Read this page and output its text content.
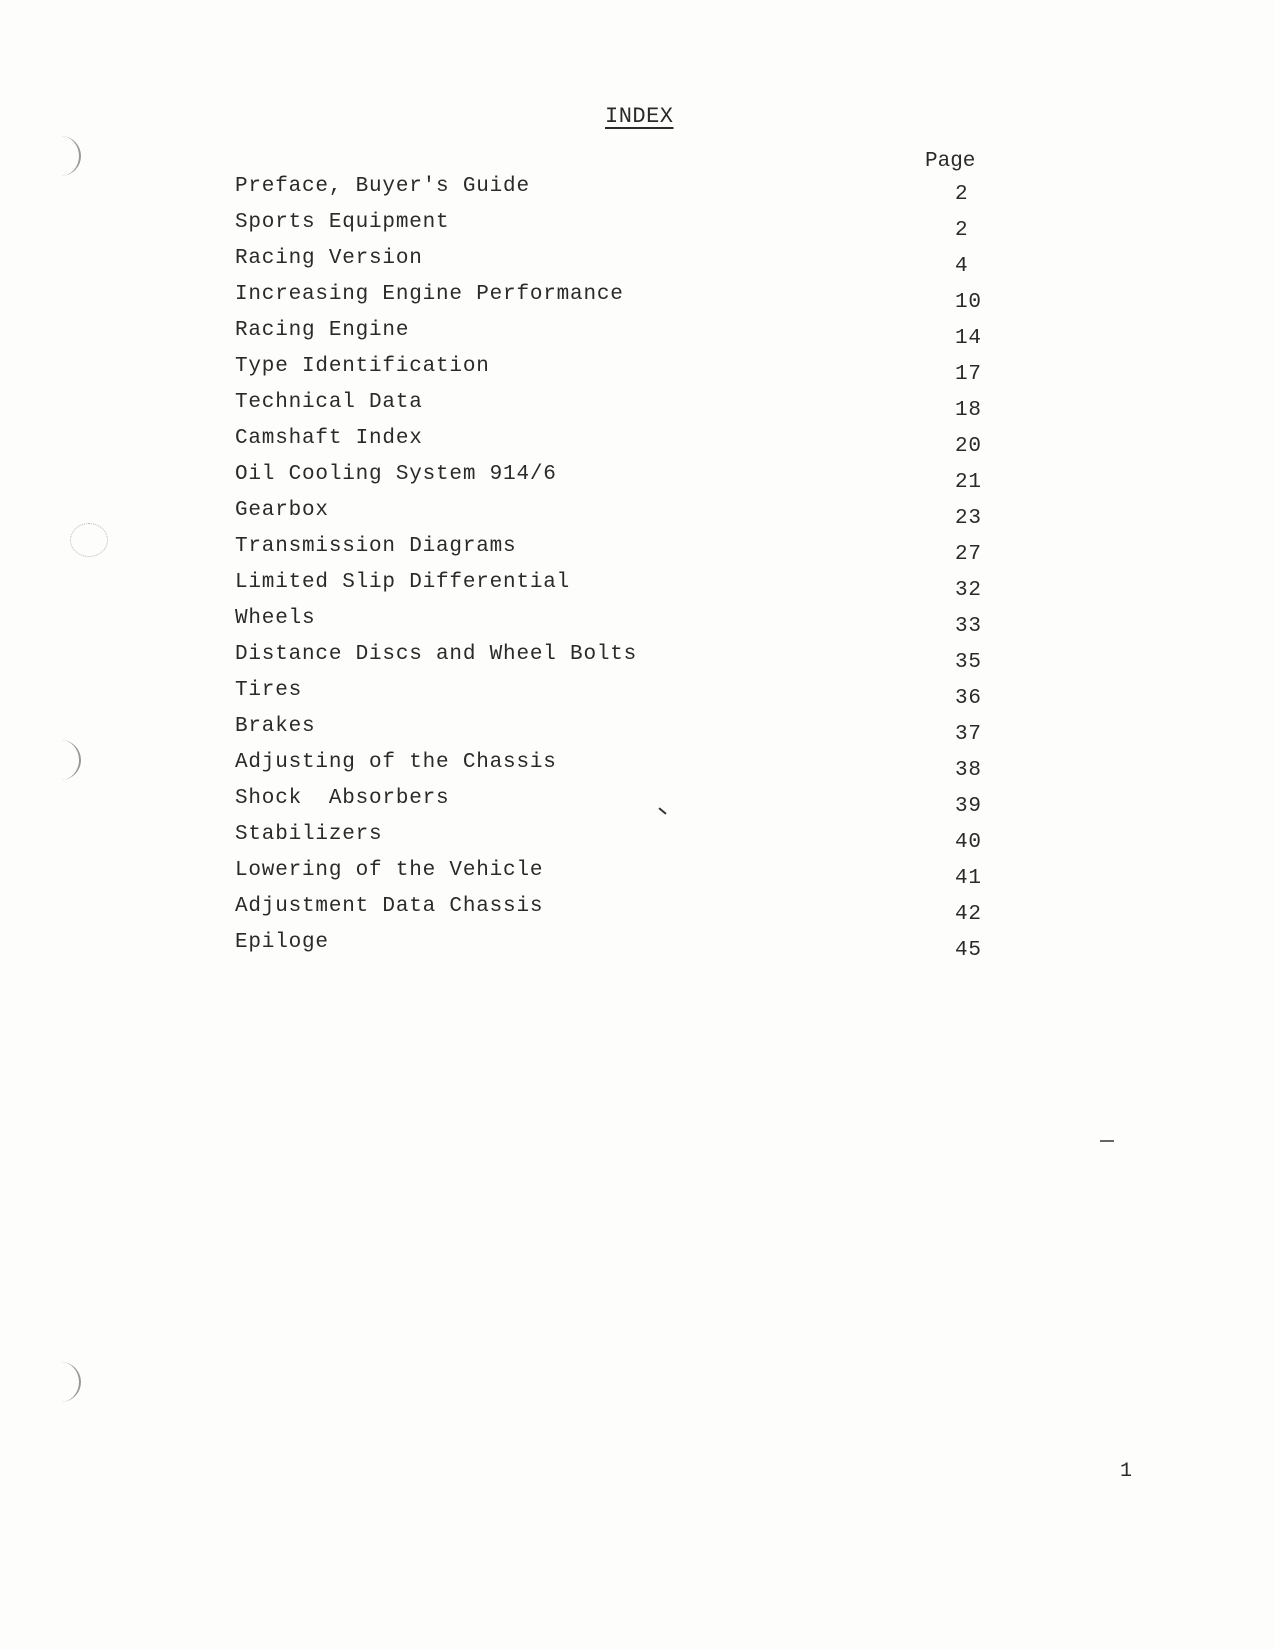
INDEX
Page
Preface, Buyer's Guide	2
Sports Equipment	2
Racing Version	4
Increasing Engine Performance	10
Racing Engine	14
Type Identification	17
Technical Data	18
Camshaft Index	20
Oil Cooling System 914/6	21
Gearbox	23
Transmission Diagrams	27
Limited Slip Differential	32
Wheels	33
Distance Discs and Wheel Bolts	35
Tires	36
Brakes	37
Adjusting of the Chassis	38
Shock  Absorbers	39
Stabilizers	40
Lowering of the Vehicle	41
Adjustment Data Chassis	42
Epiloge	45
1
